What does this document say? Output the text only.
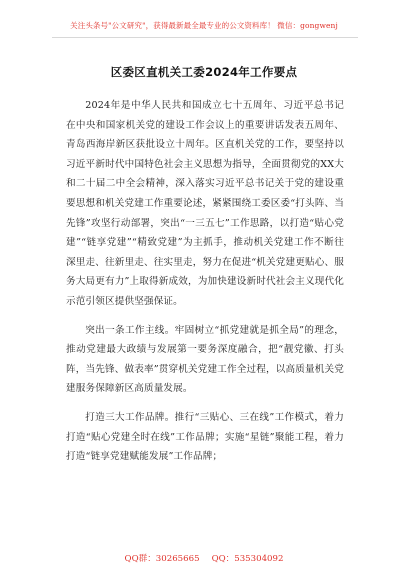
关注头条号"公文研究"，获得最新最全最专业的公文资料库！ 微信：gongwenj
区委区直机关工委2024年工作要点

2024年是中华人民共和国成立七十五周年、习近平总书记在中央和国家机关党的建设工作会议上的重要讲话发表五周年、青岛西海岸新区获批设立十周年。区直机关党的工作，要坚持以习近平新时代中国特色社会主义思想为指导，全面贯彻党的XX大和二十届二中全会精神，深入落实习近平总书记关于党的建设重要思想和机关党建工作重要论述，紧紧围绕工委区委“打头阵、当先锋”攻坚行动部署，突出“一三五七”工作思路，以打造“贴心党建”“链享党建”“精致党建”为主抓手，推动机关党建工作不断往深里走、往新里走、往实里走，努力在促进“机关党建更贴心、服务大局更有力”上取得新成效，为加快建设新时代社会主义现代化示范引领区提供坚强保证。

突出一条工作主线。牢固树立“抓党建就是抓全局”的理念，推动党建最大政绩与发展第一要务深度融合，把“靓党徽、打头阵，当先锋、做表率”贯穿机关党建工作全过程，以高质量机关党建服务保障新区高质量发展。

打造三大工作品牌。推行“三贴心、三在线”工作模式，着力打造“贴心党建全时在线”工作品牌；实施“星链”聚能工程，着力打造“链享党建赋能发展”工作品牌；

QQ群：30265665 QQ：535304092
